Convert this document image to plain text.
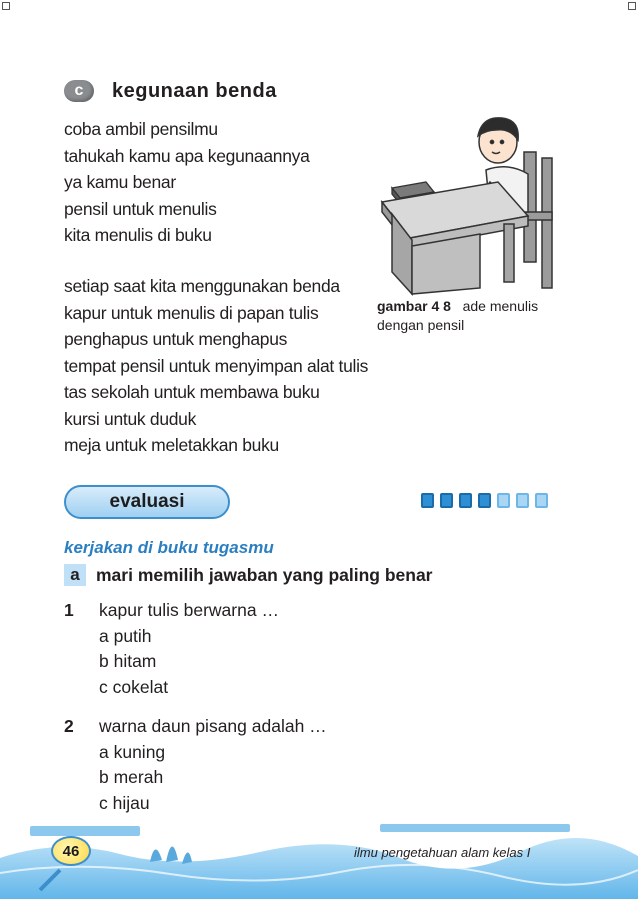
c	kegunaan benda
coba ambil pensilmu
tahukah kamu apa kegunaannya
ya kamu benar
pensil untuk menulis
kita menulis di buku
setiap saat kita menggunakan benda
kapur untuk menulis di papan tulis
penghapus untuk menghapus
tempat pensil untuk menyimpan alat tulis
tas sekolah untuk membawa buku
kursi untuk duduk
meja untuk meletakkan buku
gambar 4 8 ade menulis dengan pensil
evaluasi
kerjakan di buku tugasmu
a mari memilih jawaban yang paling benar
1 kapur tulis berwarna …
a putih
b hitam
c cokelat
2 warna daun pisang adalah …
a kuning
b merah
c hijau
46	ilmu pengetahuan alam kelas I
